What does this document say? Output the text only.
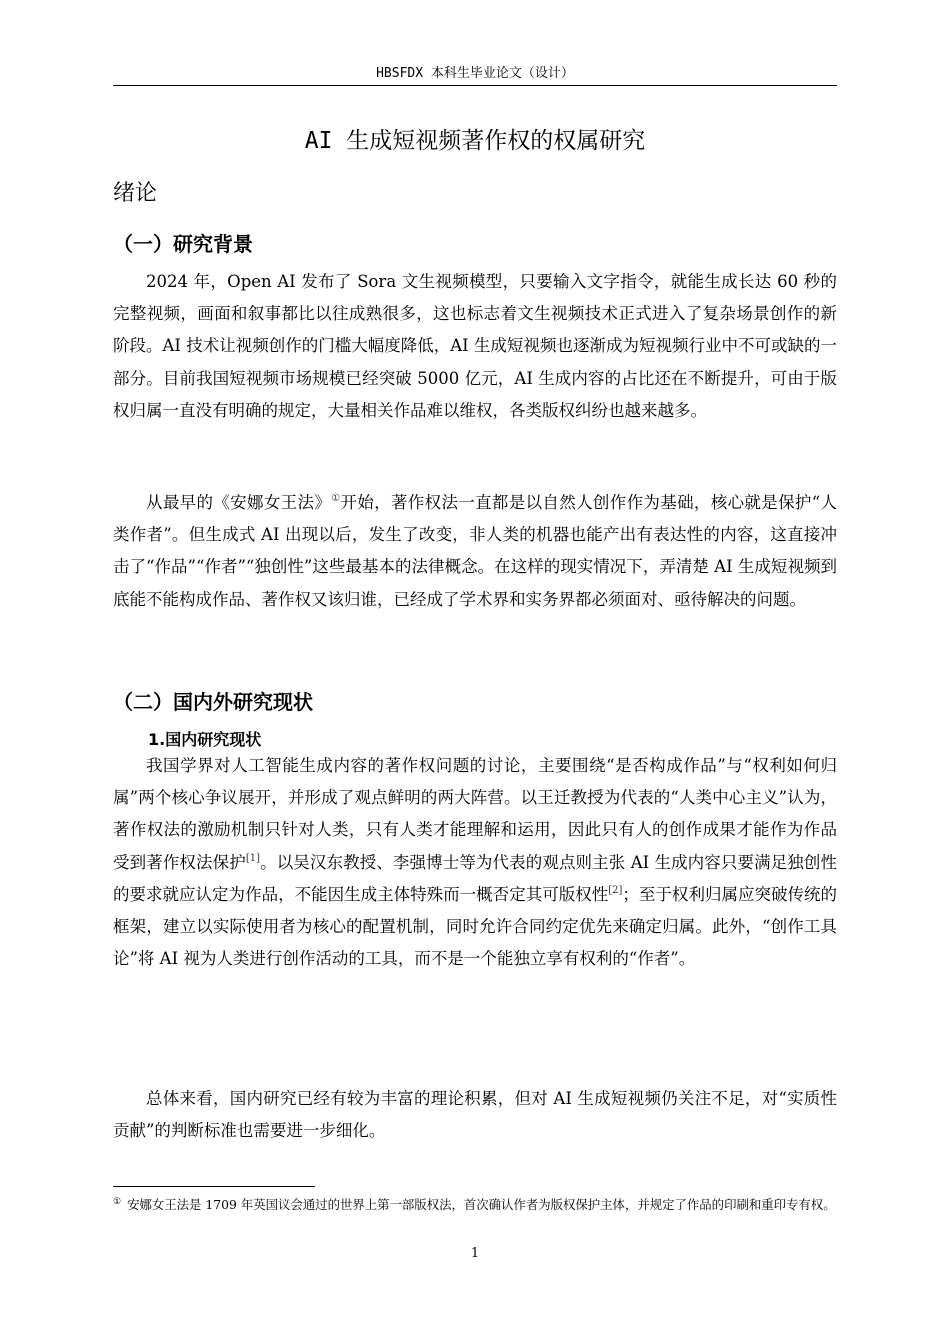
HBSFDX 本科生毕业论文（设计）
AI 生成短视频著作权的权属研究
绪论
（一）研究背景

2024 年，Open AI 发布了 Sora 文生视频模型，只要输入文字指令，就能生成长达 60 秒的完整视频，画面和叙事都比以往成熟很多，这也标志着文生视频技术正式进入了复杂场景创作的新阶段。AI 技术让视频创作的门槛大幅度降低，AI 生成短视频也逐渐成为短视频行业中不可或缺的一部分。目前我国短视频市场规模已经突破 5000 亿元，AI 生成内容的占比还在不断提升，可由于版权归属一直没有明确的规定，大量相关作品难以维权，各类版权纠纷也越来越多。

从最早的《安娜女王法》①开始，著作权法一直都是以自然人创作作为基础，核心就是保护“人类作者”。但生成式 AI 出现以后，发生了改变，非人类的机器也能产出有表达性的内容，这直接冲击了“作品”“作者”“独创性”这些最基本的法律概念。在这样的现实情况下，弄清楚 AI 生成短视频到底能不能构成作品、著作权又该归谁，已经成了学术界和实务界都必须面对、亟待解决的问题。

（二）国内外研究现状
1.国内研究现状

我国学界对人工智能生成内容的著作权问题的讨论，主要围绕“是否构成作品”与“权利如何归属”两个核心争议展开，并形成了观点鲜明的两大阵营。以王迁教授为代表的“人类中心主义”认为，著作权法的激励机制只针对人类，只有人类才能理解和运用，因此只有人的创作成果才能作为作品受到著作权法保护[1]。以吴汉东教授、李强博士等为代表的观点则主张 AI 生成内容只要满足独创性的要求就应认定为作品，不能因生成主体特殊而一概否定其可版权性[2]；至于权利归属应突破传统的框架，建立以实际使用者为核心的配置机制，同时允许合同约定优先来确定归属。此外，“创作工具论”将 AI 视为人类进行创作活动的工具，而不是一个能独立享有权利的“作者”。

总体来看，国内研究已经有较为丰富的理论积累，但对 AI 生成短视频仍关注不足，对“实质性贡献”的判断标准也需要进一步细化。

① 安娜女王法是 1709 年英国议会通过的世界上第一部版权法，首次确认作者为版权保护主体，并规定了作品的印刷和重印专有权。

1
